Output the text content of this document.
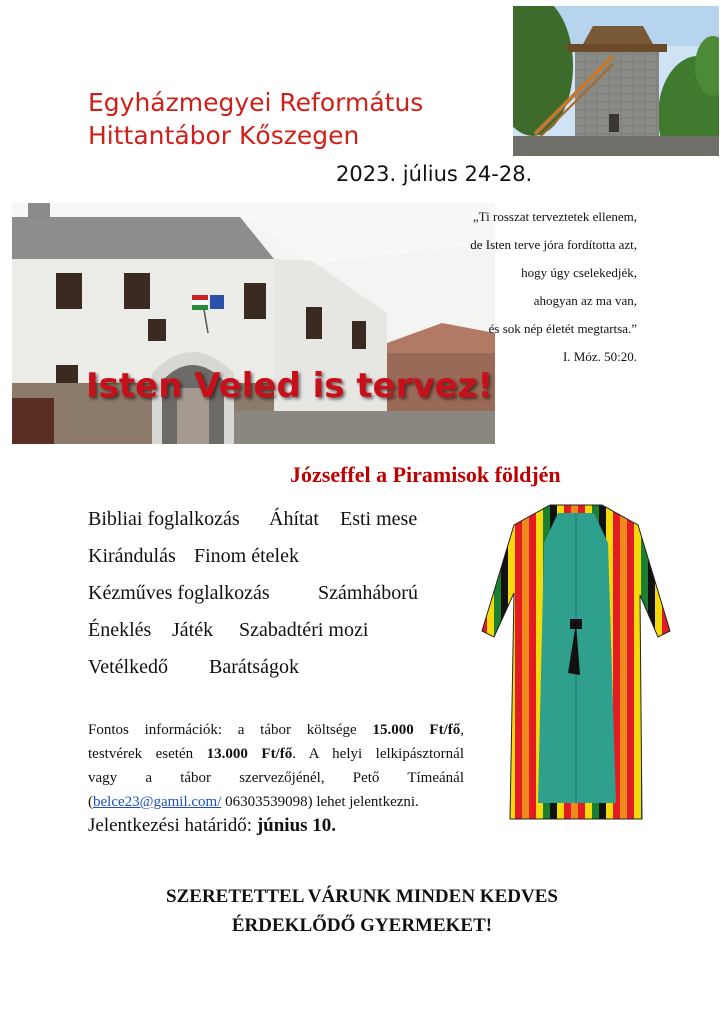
Egyházmegyei Református
Hittantábor Kőszegen
2023. július 24-28.
„Ti rosszat terveztetek ellenem,
de Isten terve jóra fordította azt,
hogy úgy cselekedjék,
ahogyan az ma van,
és sok nép életét megtartsa.”
I. Móz. 50:20.
Isten Veled is tervez!
Józseffel a Piramisok földjén
Bibliai foglalkozás Áhítat Esti mese
Kirándulás Finom ételek
Kézműves foglalkozás Számháború
Éneklés Játék Szabadtéri mozi
Vetélkedő Barátságok
Fontos információk: a tábor költsége 15.000 Ft/fő,
testvérek esetén 13.000 Ft/fő. A helyi lelkipásztornál
vagy a tábor szervezőjénél, Pető Tímeánál
(belce23@gamil.com/ 06303539098) lehet jelentkezni.
Jelentkezési határidő: június 10.
SZERETETTEL VÁRUNK MINDEN KEDVES
ÉRDEKLŐDŐ GYERMEKET!
